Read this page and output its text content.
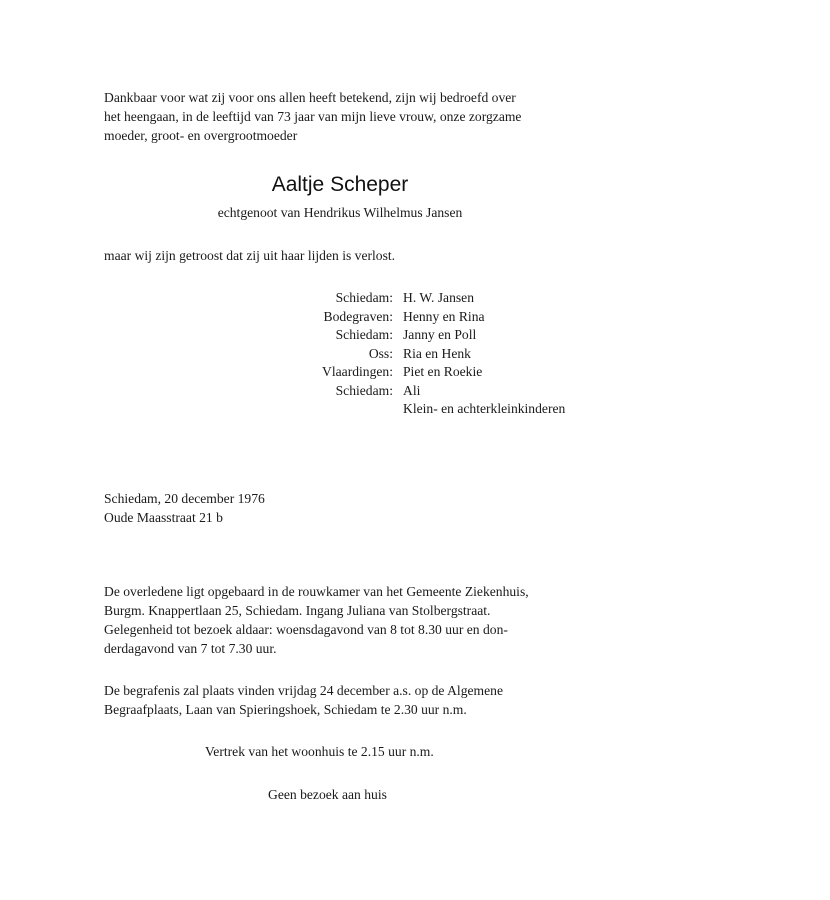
Dankbaar voor wat zij voor ons allen heeft betekend, zijn wij bedroefd over
het heengaan, in de leeftijd van 73 jaar van mijn lieve vrouw, onze zorgzame
moeder, groot- en overgrootmoeder
Aaltje Scheper
echtgenoot van Hendrikus Wilhelmus Jansen
maar wij zijn getroost dat zij uit haar lijden is verlost.
Schiedam: H. W. Jansen
Bodegraven: Henny en Rina
Schiedam: Janny en Poll
Oss: Ria en Henk
Vlaardingen: Piet en Roekie
Schiedam: Ali
Klein- en achterkleinkinderen
Schiedam, 20 december 1976
Oude Maasstraat 21 b
De overledene ligt opgebaard in de rouwkamer van het Gemeente Ziekenhuis,
Burgm. Knappertlaan 25, Schiedam. Ingang Juliana van Stolbergstraat.
Gelegenheid tot bezoek aldaar: woensdagavond van 8 tot 8.30 uur en don-
derdagavond van 7 tot 7.30 uur.
De begrafenis zal plaats vinden vrijdag 24 december a.s. op de Algemene
Begraafplaats, Laan van Spieringshoek, Schiedam te 2.30 uur n.m.
Vertrek van het woonhuis te 2.15 uur n.m.
Geen bezoek aan huis
